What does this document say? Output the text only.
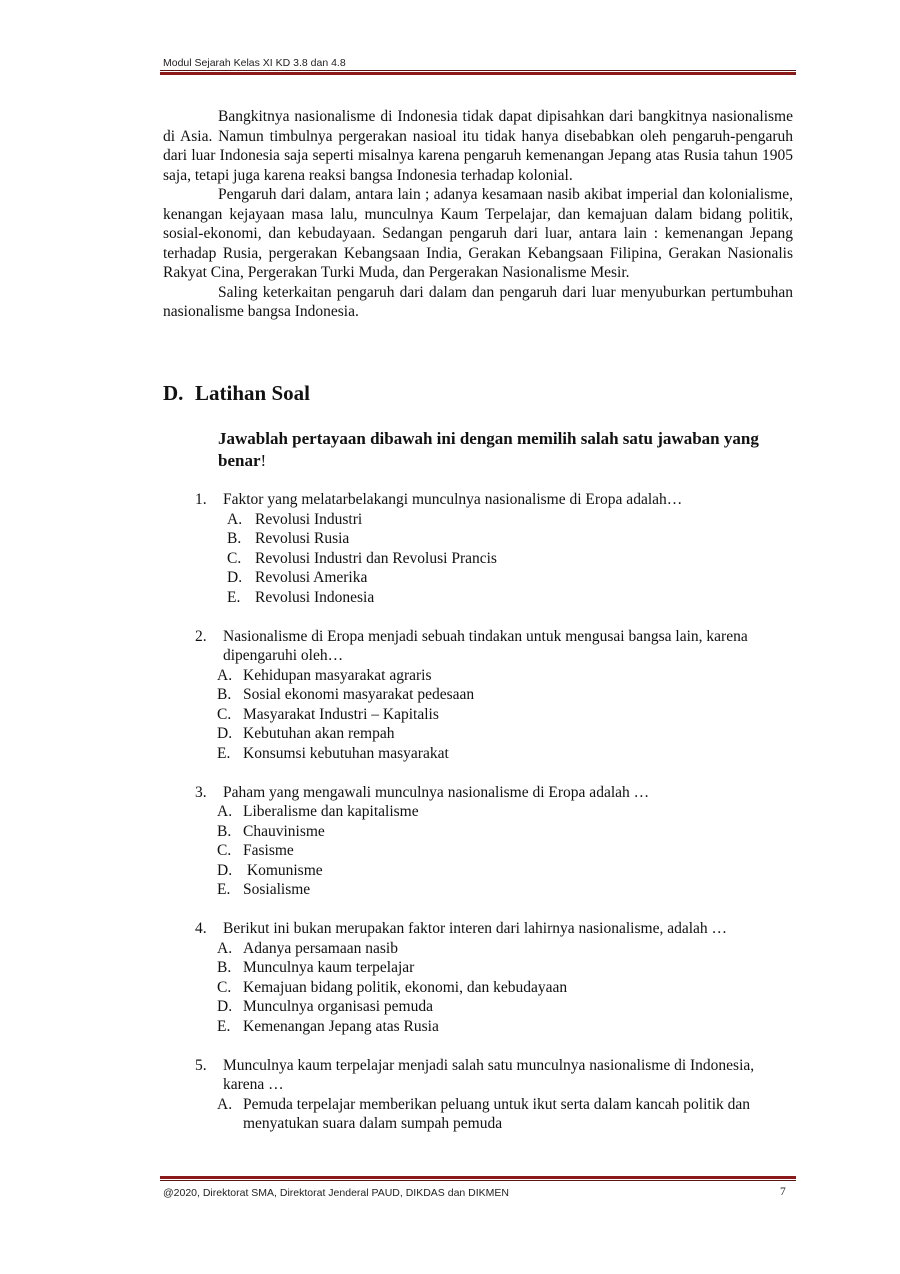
Modul Sejarah Kelas XI KD 3.8 dan 4.8

Bangkitnya nasionalisme di Indonesia tidak dapat dipisahkan dari bangkitnya nasionalisme di Asia. Namun timbulnya pergerakan nasioal itu tidak hanya disebabkan oleh pengaruh-pengaruh dari luar Indonesia saja seperti misalnya karena pengaruh kemenangan Jepang atas Rusia tahun 1905 saja, tetapi juga karena reaksi bangsa Indonesia terhadap kolonial.

Pengaruh dari dalam, antara lain ; adanya kesamaan nasib akibat imperial dan kolonialisme, kenangan kejayaan masa lalu, munculnya Kaum Terpelajar, dan kemajuan dalam bidang politik, sosial-ekonomi, dan kebudayaan. Sedangan pengaruh dari luar, antara lain : kemenangan Jepang terhadap Rusia, pergerakan Kebangsaan India, Gerakan Kebangsaan Filipina, Gerakan Nasionalis Rakyat Cina, Pergerakan Turki Muda, dan Pergerakan Nasionalisme Mesir.

Saling keterkaitan pengaruh dari dalam dan pengaruh dari luar menyuburkan pertumbuhan nasionalisme bangsa Indonesia.

D. Latihan Soal

Jawablah pertayaan dibawah ini dengan memilih salah satu jawaban yang benar!

1.	Faktor yang melatarbelakangi munculnya nasionalisme di Eropa adalah…

A. Revolusi Industri
B. Revolusi Rusia
C. Revolusi Industri dan Revolusi Prancis
D. Revolusi Amerika
E. Revolusi Indonesia
2.	Nasionalisme di Eropa menjadi sebuah tindakan untuk mengusai bangsa lain, karena dipengaruhi oleh…

A. Kehidupan masyarakat agraris
B. Sosial ekonomi masyarakat pedesaan
C. Masyarakat Industri – Kapitalis
D. Kebutuhan akan rempah
E. Konsumsi kebutuhan masyarakat
3.	Paham yang mengawali munculnya nasionalisme di Eropa adalah …

A. Liberalisme dan kapitalisme
B. Chauvinisme
C. Fasisme
D. Komunisme
E. Sosialisme
4.	Berikut ini bukan merupakan faktor interen dari lahirnya nasionalisme, adalah …

A. Adanya persamaan nasib
B. Munculnya kaum terpelajar
C. Kemajuan bidang politik, ekonomi, dan kebudayaan
D. Munculnya organisasi pemuda
E. Kemenangan Jepang atas Rusia
5.	Munculnya kaum terpelajar menjadi salah satu munculnya nasionalisme di Indonesia, karena …

A. Pemuda terpelajar memberikan peluang untuk ikut serta dalam kancah politik dan menyatukan suara dalam sumpah pemuda
@2020, Direktorat SMA, Direktorat Jenderal PAUD, DIKDAS dan DIKMEN	7
